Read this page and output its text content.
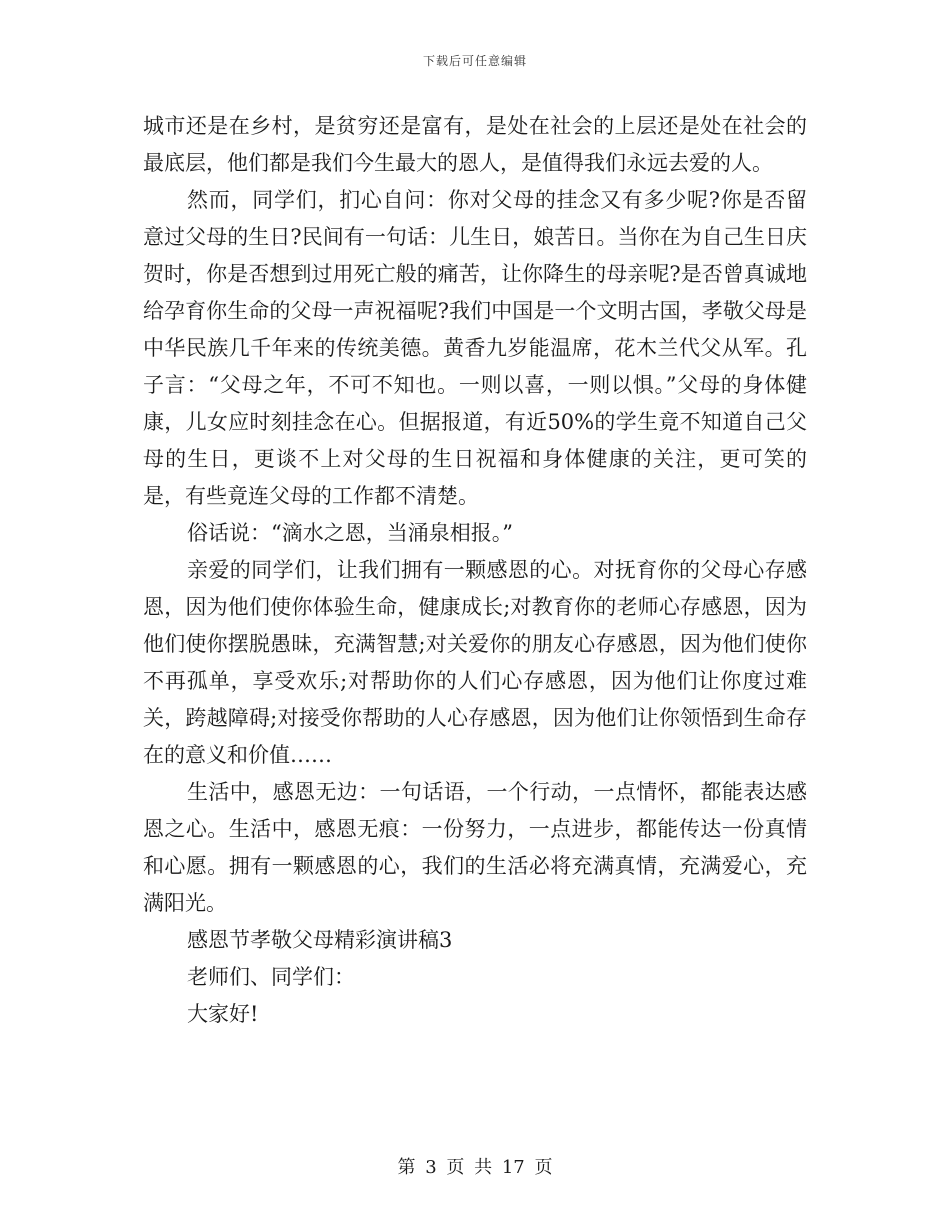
下载后可任意编辑

城市还是在乡村，是贫穷还是富有，是处在社会的上层还是处在社会的最底层，他们都是我们今生最大的恩人，是值得我们永远去爱的人。

然而，同学们，扪心自问：你对父母的挂念又有多少呢?你是否留意过父母的生日?民间有一句话：儿生日，娘苦日。当你在为自己生日庆贺时，你是否想到过用死亡般的痛苦，让你降生的母亲呢?是否曾真诚地给孕育你生命的父母一声祝福呢?我们中国是一个文明古国，孝敬父母是中华民族几千年来的传统美德。黄香九岁能温席，花木兰代父从军。孔子言：“父母之年，不可不知也。一则以喜，一则以惧。”父母的身体健康，儿女应时刻挂念在心。但据报道，有近50%的学生竟不知道自己父母的生日，更谈不上对父母的生日祝福和身体健康的关注，更可笑的是，有些竟连父母的工作都不清楚。

俗话说：“滴水之恩，当涌泉相报。”

亲爱的同学们，让我们拥有一颗感恩的心。对抚育你的父母心存感恩，因为他们使你体验生命，健康成长;对教育你的老师心存感恩，因为他们使你摆脱愚昧，充满智慧;对关爱你的朋友心存感恩，因为他们使你不再孤单，享受欢乐;对帮助你的人们心存感恩，因为他们让你度过难关，跨越障碍;对接受你帮助的人心存感恩，因为他们让你领悟到生命存在的意义和价值……

生活中，感恩无边：一句话语，一个行动，一点情怀，都能表达感恩之心。生活中，感恩无痕：一份努力，一点进步，都能传达一份真情和心愿。拥有一颗感恩的心，我们的生活必将充满真情，充满爱心，充满阳光。

感恩节孝敬父母精彩演讲稿3

老师们、同学们：

大家好!

第 3 页 共 17 页
